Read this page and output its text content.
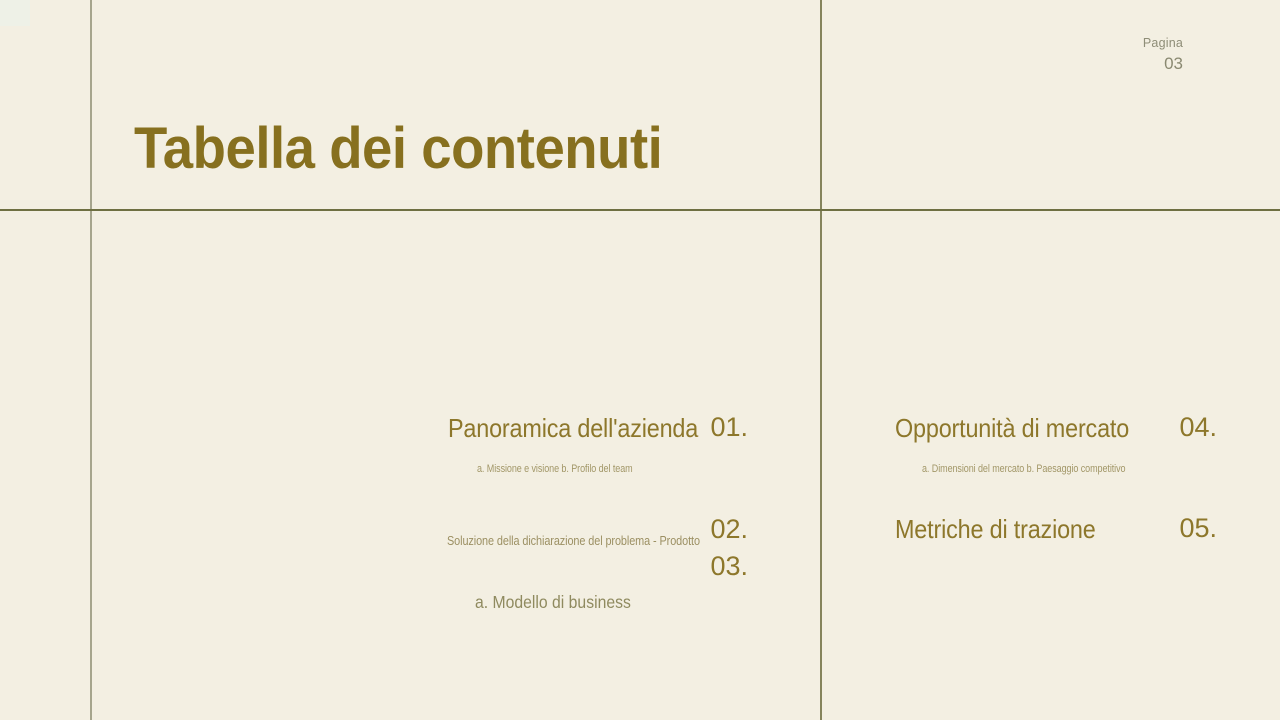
Pagina
03
Tabella dei contenuti
Panoramica dell'azienda 01.
a. Missione e visione b. Profilo del team
Soluzione della dichiarazione del problema - Prodotto 02.
03.
a. Modello di business
Opportunità di mercato 04.
a. Dimensioni del mercato b. Paesaggio competitivo
Metriche di trazione	05.
